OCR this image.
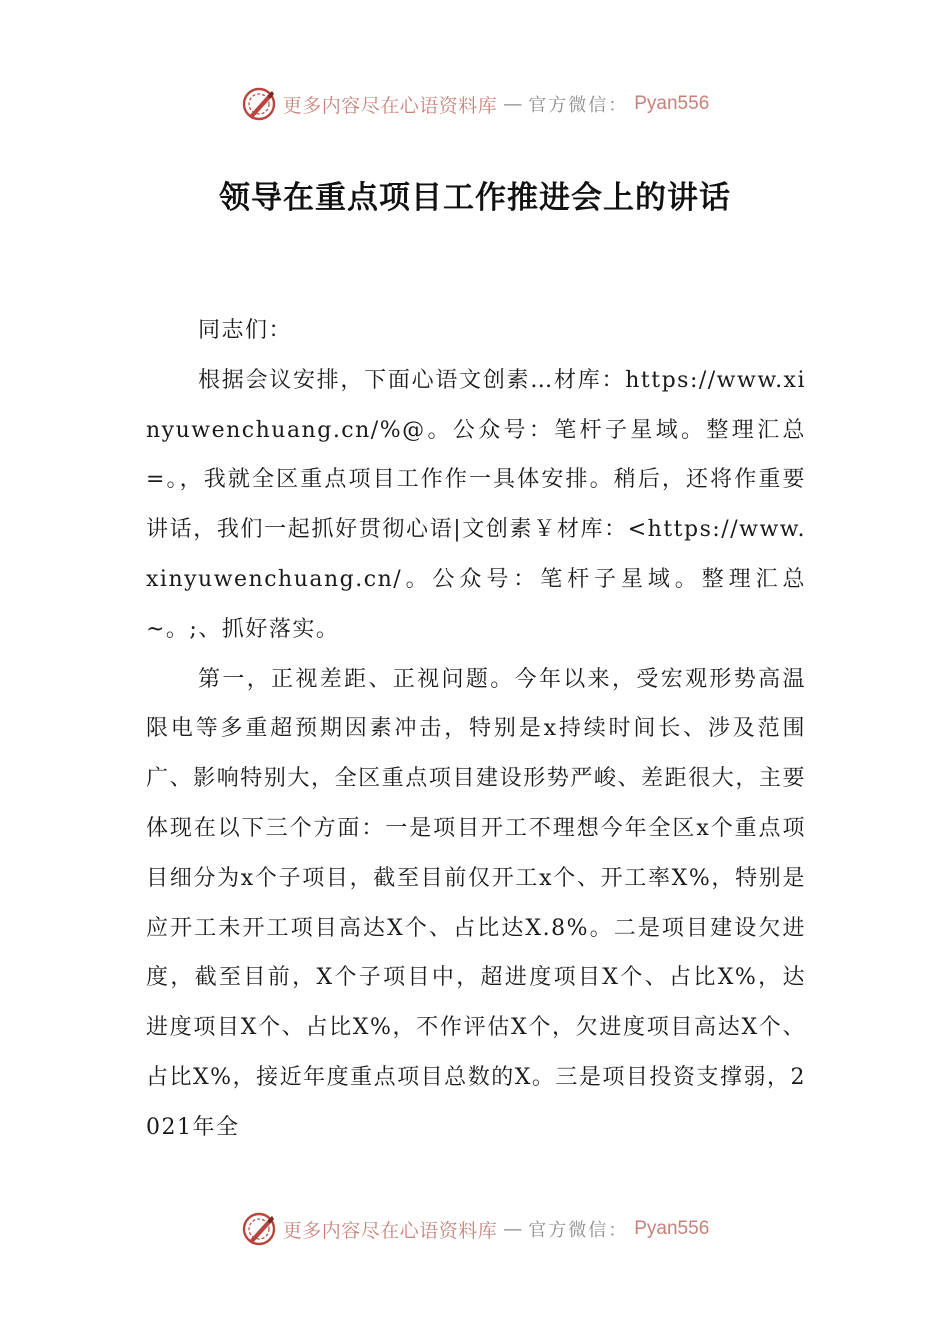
更多内容尽在心语资料库 — 官方微信： Pyan556
领导在重点项目工作推进会上的讲话

同志们：

根据会议安排，下面心语文创素…材库：https://www.xinyuwenchuang.cn/%@。公众号：笔杆子星域。整理汇总=。，我就全区重点项目工作作一具体安排。稍后，还将作重要讲话，我们一起抓好贯彻心语|文创素￥材库：<https://www.xinyuwenchuang.cn/。公众号：笔杆子星域。整理汇总~。;、抓好落实。

第一，正视差距、正视问题。今年以来，受宏观形势高温限电等多重超预期因素冲击，特别是x持续时间长、涉及范围广、影响特别大，全区重点项目建设形势严峻、差距很大，主要体现在以下三个方面：一是项目开工不理想今年全区x个重点项目细分为x个子项目，截至目前仅开工x个、开工率X%，特别是应开工未开工项目高达X个、占比达X.8%。二是项目建设欠进度，截至目前，X个子项目中，超进度项目X个、占比X%，达进度项目X个、占比X%，不作评估X个，欠进度项目高达X个、占比X%，接近年度重点项目总数的X。三是项目投资支撑弱，2021年全

更多内容尽在心语资料库 — 官方微信： Pyan556
